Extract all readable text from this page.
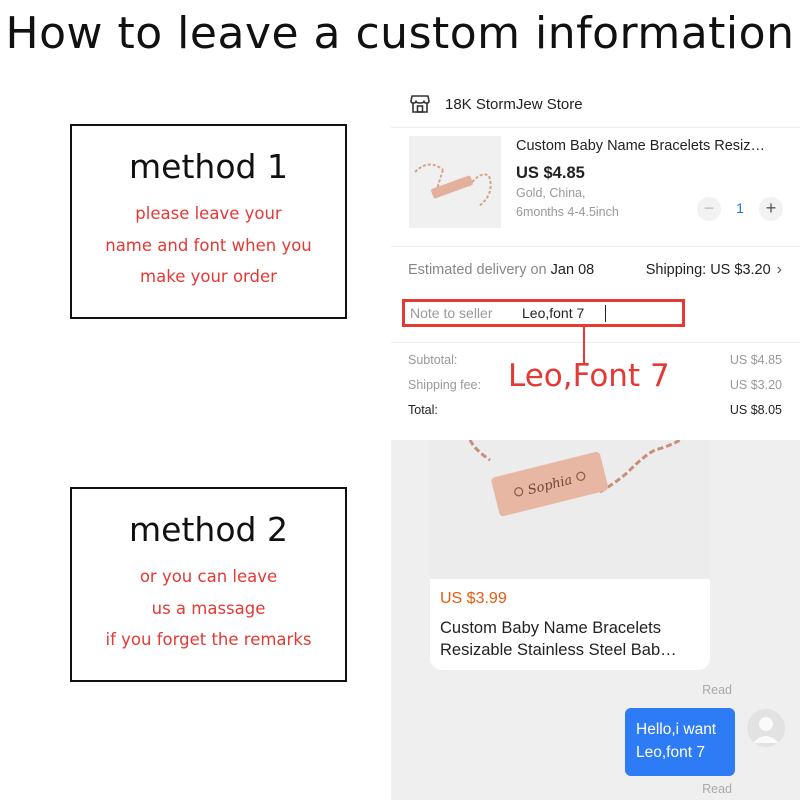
How to leave a custom information
method 1
please leave your
name and font when you
make your order
method 2
or you can leave
us a massage
if you forget the remarks
18K StormJew Store
Custom Baby Name Bracelets Resiz…
US $4.85
Gold, China,
6months 4-4.5inch	−	1	+
Estimated delivery on Jan 08	Shipping: US $3.20 ›
Note to seller Leo,font 7
Subtotal:	US $4.85
Shipping fee:	US $3.20
Total:	US $8.05
Leo,Font 7
Sophia
US $3.99
Custom Baby Name Bracelets
Resizable Stainless Steel Bab…
Read
Hello,i want
Leo,font 7
Read
